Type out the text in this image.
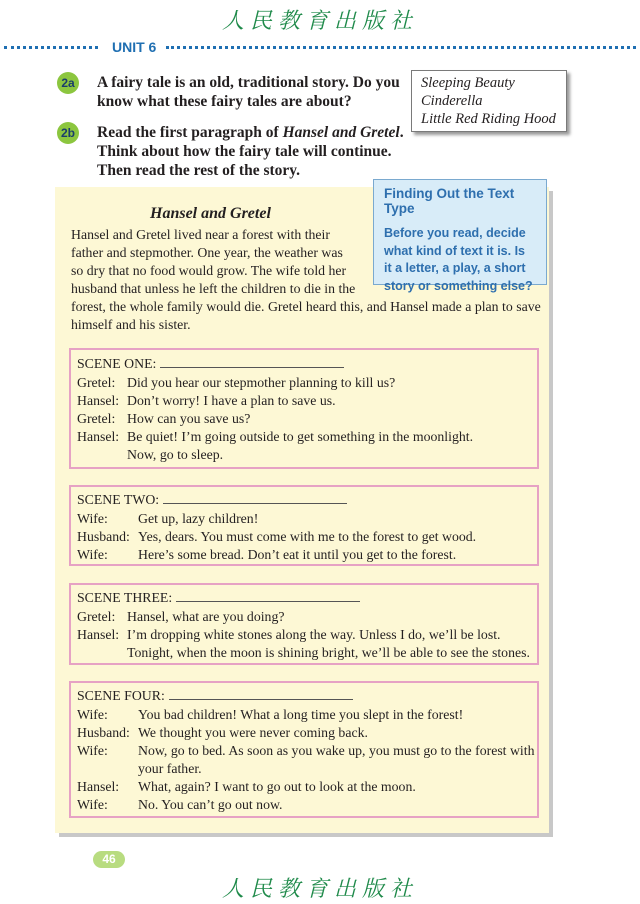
人民教育出版社
UNIT 6
2a A fairy tale is an old, traditional story. Do you

know what these fairy tales are about?

Sleeping Beauty
Cinderella
Little Red Riding Hood
2b Read the first paragraph of Hansel and Gretel.

Think about how the fairy tale will continue.

Then read the rest of the story.

Finding Out the Text Type
Before you read, decide
what kind of text it is. Is
it a letter, a play, a short
story or something else?
Hansel and Gretel
Hansel and Gretel lived near a forest with their
father and stepmother. One year, the weather was
so dry that no food would grow. The wife told her
husband that unless he left the children to die in the
forest, the whole family would die. Gretel heard this, and Hansel made a plan to save
himself and his sister.
SCENE ONE:
Gretel: Did you hear our stepmother planning to kill us?
Hansel: Don’t worry! I have a plan to save us.
Gretel: How can you save us?
Hansel: Be quiet! I’m going outside to get something in the moonlight.
Now, go to sleep.
SCENE TWO:
Wife: Get up, lazy children!
Husband: Yes, dears. You must come with me to the forest to get wood.
Wife: Here’s some bread. Don’t eat it until you get to the forest.
SCENE THREE:
Gretel: Hansel, what are you doing?
Hansel: I’m dropping white stones along the way. Unless I do, we’ll be lost.
Tonight, when the moon is shining bright, we’ll be able to see the stones.
SCENE FOUR:
Wife: You bad children! What a long time you slept in the forest!
Husband: We thought you were never coming back.
Wife: Now, go to bed. As soon as you wake up, you must go to the forest with
your father.
Hansel: What, again? I want to go out to look at the moon.
Wife: No. You can’t go out now.
46
人民教育出版社
